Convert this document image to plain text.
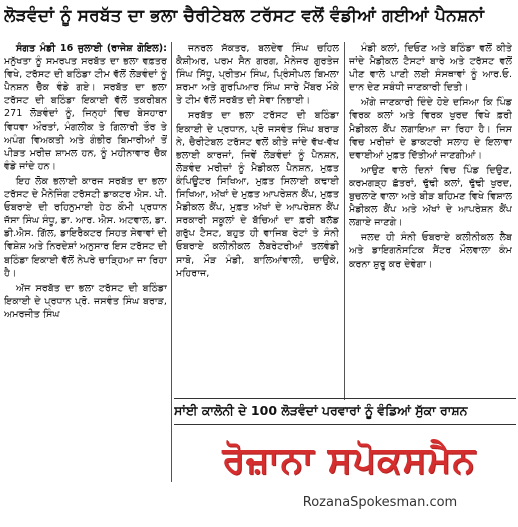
ਲੋੜਵੰਦਾਂ ਨੂੰ ਸਰਬੱਤ ਦਾ ਭਲਾ ਚੈਰੀਟੇਬਲ ਟਰੱਸਟ ਵਲੋਂ ਵੰਡੀਆਂ ਗਈਆਂ ਪੈਨਸ਼ਨਾਂ

ਸੰਗਤ ਮੰਡੀ 16 ਜੁਲਾਈ (ਰਾਜੇਸ਼ ਗੋਇਲ): ਮਨੁੱਖਤਾ ਨੂੰ ਸਮਰਪਤ ਸਰਬੱਤ ਦਾ ਭਲਾ ਵਫ਼ਤਰ ਵਿਖੇ, ਟਰੱਸਟ ਦੀ ਬਠਿੰਡਾ ਟੀਮ ਵੱਲੋਂ ਲੋੜਵੰਦਾਂ ਨੂੰ ਪੈਨਸ਼ਨ ਚੈੱਕ ਵੰਡੇ ਗਏ। ਸਰਬੱਤ ਦਾ ਭਲਾ ਟਰੱਸਟ ਦੀ ਬਠਿੰਡਾ ਇਕਾਈ ਵੱਲੋਂ ਤਕਰੀਬਨ 271 ਲੋੜਵੰਦਾਂ ਨੂੰ, ਜਿਨ੍ਹਾਂ ਵਿਚ ਬੇਸਹਾਰਾ ਵਿਧਵਾ ਔਰਤਾਂ, ਮੰਗਲੀਕ ਤੇ ਗਿਲਾਰੀ ਤੌਰ ਤੇ ਅਪੰਗ ਵਿਅਕਤੀ ਅਤੇ ਗੰਭੀਰ ਬਿਮਾਰੀਆਂ ਤੋਂ ਪੀੜਤ ਮਰੀਜ਼ ਸ਼ਾਮਲ ਹਨ, ਨੂੰ ਮਹੀਨਾਵਾਰ ਚੈੱਕ ਵੰਡੇ ਜਾਂਦੇ ਹਨ।

ਇਹ ਲੋਕ ਭਲਾਈ ਕਾਰਜ ਸਰਬੱਤ ਦਾ ਭਲਾ ਟਰੱਸਟ ਦੇ ਮੈਨੇਜਿੰਗ ਟਰੱਸਟੀ ਡਾਕਟਰ ਐਸ. ਪੀ. ਓਬਰਾਏ ਦੀ ਰਹਿਨੁਮਾਈ ਹੇਠ ਕੌਮੀ ਪ੍ਰਧਾਨ ਜੱਸਾ ਸਿੰਘ ਸੰਧੂ, ਡਾ. ਆਰ. ਐਸ. ਅਟਵਾਲ, ਡਾ. ਡੀ.ਐਸ. ਗਿੱਲ, ਡਾਇਰੈਕਟਰ ਸਿਹਤ ਸੇਵਾਵਾਂ ਦੀ ਵਿਸ਼ੇਸ਼ ਅਤੇ ਨਿਰਦੇਸ਼ਾਂ ਅਨੁਸਾਰ ਇਸ ਟਰੱਸਟ ਦੀ ਬਠਿੰਡਾ ਇਕਾਈ ਵੱਲੋਂ ਨੇਪਰੇ ਚਾੜ੍ਹਿਆ ਜਾ ਰਿਹਾ ਹੈ।

ਅੱਜ ਸਰਬੱਤ ਦਾ ਭਲਾ ਟਰੱਸਟ ਦੀ ਬਠਿੰਡਾ ਇਕਾਈ ਦੇ ਪ੍ਰਧਾਨ ਪ੍ਰੋ. ਜਸਵੰਤ ਸਿੰਘ ਬਰਾੜ, ਅਮਰਜੀਤ ਸਿੰਘ

ਜਨਰਲ ਸੱਕਤਰ, ਬਲਦੇਵ ਸਿੰਘ ਚਹਿਲ ਕੈਸ਼ੀਅਰ, ਪਰਮ ਸੈਨ ਗਰਗ, ਮੈਨੇਜਰ ਗੁਰਤੇਜ ਸਿੰਘ ਸਿੱਧੂ, ਪ੍ਰੀਤਮ ਸਿੰਘ, ਪ੍ਰਿੰਸੀਪਲ ਬਿਮਲਾ ਸ਼ਰਮਾ ਅਤੇ ਗੁਰਪਿਆਰ ਸਿੰਘ ਸਾਰੇ ਮੈਂਬਰ ਮੌਕੇ ਤੇ ਟੀਮ ਵੱਲੋਂ ਸਰਬੱਤ ਦੀ ਸੇਵਾ ਨਿਭਾਈ।

ਸਰਬੱਤ ਦਾ ਭਲਾ ਟਰੱਸਟ ਦੀ ਬਠਿੰਡਾ ਇਕਾਈ ਦੇ ਪ੍ਰਧਾਨ, ਪ੍ਰੋ ਜਸਵੰਤ ਸਿੰਘ ਬਰਾੜ ਨੇ, ਚੈਰੀਟੇਬਲ ਟਰੱਸਟ ਵਲੋਂ ਕੀਤੇ ਜਾਂਦੇ ਵੱਖ-ਵੱਖ ਭਲਾਈ ਕਾਰਜਾਂ, ਜਿਵੇਂ ਲੋੜਵੰਦਾਂ ਨੂੰ ਪੈਨਸ਼ਨ, ਲੋੜਵੰਦ ਮਰੀਜ਼ਾਂ ਨੂੰ ਮੈਡੀਕਲ ਪੈਨਸ਼ਨ, ਮੁਫ਼ਤ ਕੰਪਿਊਟਰ ਸਿਖਿਆ, ਮੁਫ਼ਤ ਸਿਲਾਈ ਕਢਾਈ ਸਿਖਿਆ, ਅੱਖਾਂ ਦੇ ਮੁਫ਼ਤ ਆਪਰੇਸ਼ਨ ਕੈਂਪ, ਮੁਫ਼ਤ ਮੈਡੀਕਲ ਕੈਂਪ, ਮੁਫ਼ਤ ਅੱਖਾਂ ਦੇ ਆਪਰੇਸ਼ਨ ਕੈਂਪ ਸਰਕਾਰੀ ਸਕੂਲਾਂ ਦੇ ਬੱਚਿਆਂ ਦਾ ਫ਼ਰੀ ਬਲੱਡ ਗਰੁੱਪ ਟੈਸਟ, ਬਹੁਤ ਹੀ ਵਾਜਿਬ ਰੇਟਾਂ ਤੇ ਸੰਨੀ ਓਬਰਾਏ ਕਲੀਨੀਕਲ ਲੈਬਰੇਟਰੀਆਂ ਤਲਵੰਡੀ ਸਾਬੋ, ਮੌੜ ਮੰਡੀ, ਬਾਲਿਆਂਵਾਲੀ, ਚਾਉਕੇ, ਮਹਿਰਾਜ,

ਮੰਡੀ ਕਲਾਂ, ਦਿਓਣ ਅਤੇ ਬਠਿੰਡਾ ਵਲੋਂ ਕੀਤੇ ਜਾਂਦੇ ਮੈਡੀਕਲ ਟੈਸਟਾਂ ਬਾਰੇ ਅਤੇ ਟਰੱਸਟ ਵਲੋਂ ਪੀਣ ਵਾਲੇ ਪਾਣੀ ਲਈ ਸੰਸਥਾਵਾਂ ਨੂੰ ਆਰ.ਓ. ਦਾਨ ਦੇਣ ਸਬੰਧੀ ਜਾਣਕਾਰੀ ਦਿਤੀ।

ਅੱਗੇ ਜਾਣਕਾਰੀ ਦਿੰਦੇ ਹੋਏ ਦਸਿਆ ਕਿ ਪਿੰਡ ਵਿਰਕ ਕਲਾਂ ਅਤੇ ਵਿਰਕ ਖੁਰਦ ਵਿਖੇ ਫ਼ਰੀ ਮੈਡੀਕਲ ਕੈਂਪ ਲਗਾਇਆ ਜਾ ਰਿਹਾ ਹੈ। ਜਿਸ ਵਿਚ ਮਰੀਜ਼ਾਂ ਦੇ ਡਾਕਟਰੀ ਸਲਾਹ ਦੇ ਇਲਾਵਾ ਦਵਾਈਆਂ ਮੁਫ਼ਤ ਦਿੱਤੀਆਂ ਜਾਣਗੀਆਂ।

ਆਉਣ ਵਾਲੇ ਦਿਨਾਂ ਵਿਚ ਪਿੰਡ ਦਿਉਣ, ਕਰਮਗੜ੍ਹ ਛੱਤਰਾਂ, ਢੁੱਢੀ ਕਲਾਂ, ਢੁੱਢੀ ਖੁਰਦ, ਬੁਚਲਾਣੇ ਵਾਲਾ ਅਤੇ ਬੀੜ ਬਹਿਮਣ ਵਿਖੇ ਵਿਸ਼ਾਲ ਮੈਡੀਕਲ ਕੈਂਪ ਅਤੇ ਅੱਖਾਂ ਦੇ ਆਪਰੇਸ਼ਨ ਕੈਂਪ ਲਗਾਏ ਜਾਣਗੇ।

ਜਲਦ ਹੀ ਸੰਨੀ ਓਬਰਾਏ ਕਲੀਨੀਕਲ ਲੈਬ ਅਤੇ ਡਾਇਗਨੋਸਟਿਕ ਸੈਂਟਰ ਮੌਲਵਾਲਾ ਕੰਮ ਕਰਨਾ ਸ਼ੁਰੂ ਕਰ ਦੇਵੇਗਾ।

ਸਾਂਈ ਕਾਲੋਨੀ ਦੇ 100 ਲੋੜਵੰਦਾਂ ਪਰਵਾਰਾਂ ਨੂੰ ਵੰਡਿਆਂ ਸੁੱਕਾ ਰਾਸ਼ਨ
ਰੋਜ਼ਾਨਾ ਸਪੋਕਸਮੈਨ
RozanaSpokesman.com
